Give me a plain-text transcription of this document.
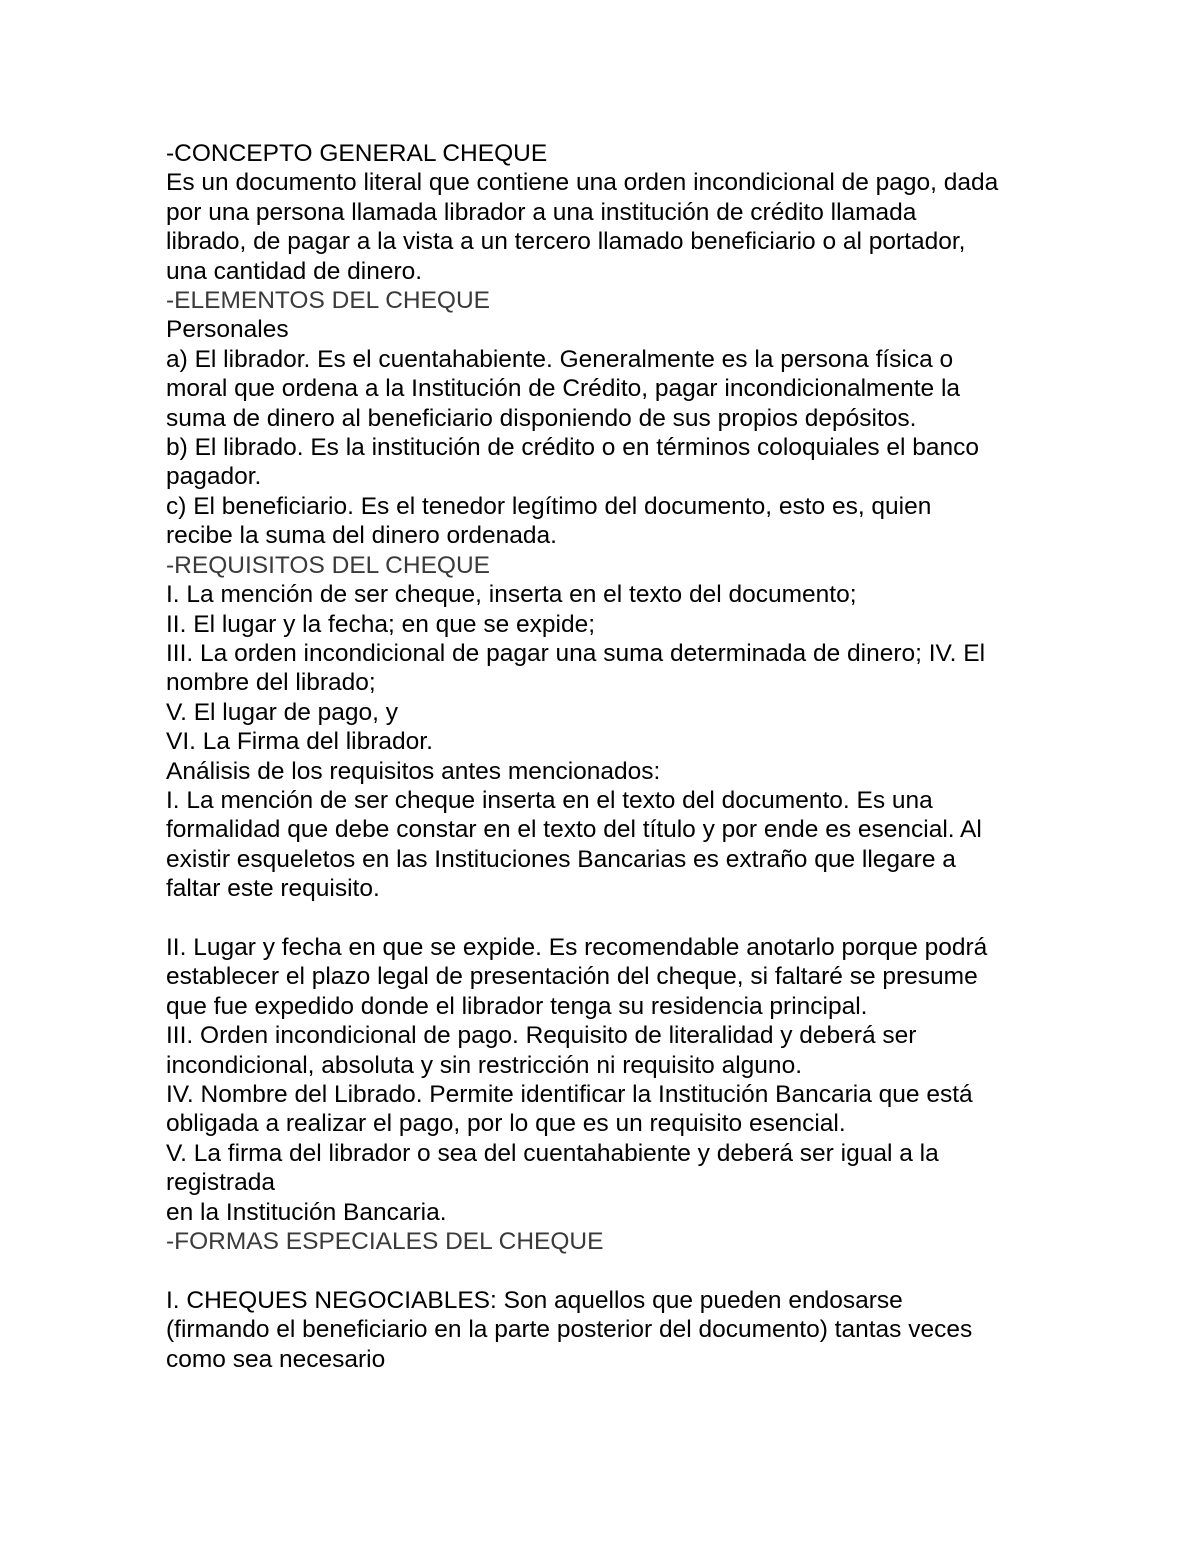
-CONCEPTO GENERAL CHEQUE
Es un documento literal que contiene una orden incondicional de pago, dada
por una persona llamada librador a una institución de crédito llamada
librado, de pagar a la vista a un tercero llamado beneficiario o al portador,
una cantidad de dinero.
-ELEMENTOS DEL CHEQUE
Personales
a) El librador. Es el cuentahabiente. Generalmente es la persona física o
moral que ordena a la Institución de Crédito, pagar incondicionalmente la
suma de dinero al beneficiario disponiendo de sus propios depósitos.
b) El librado. Es la institución de crédito o en términos coloquiales el banco
pagador.
c) El beneficiario. Es el tenedor legítimo del documento, esto es, quien
recibe la suma del dinero ordenada.
-REQUISITOS DEL CHEQUE
I. La mención de ser cheque, inserta en el texto del documento;
II. El lugar y la fecha; en que se expide;
III. La orden incondicional de pagar una suma determinada de dinero; IV. El
nombre del librado;
V. El lugar de pago, y
VI. La Firma del librador.
Análisis de los requisitos antes mencionados:
I. La mención de ser cheque inserta en el texto del documento. Es una
formalidad que debe constar en el texto del título y por ende es esencial. Al
existir esqueletos en las Instituciones Bancarias es extraño que llegare a
faltar este requisito.
II. Lugar y fecha en que se expide. Es recomendable anotarlo porque podrá
establecer el plazo legal de presentación del cheque, si faltaré se presume
que fue expedido donde el librador tenga su residencia principal.
III. Orden incondicional de pago. Requisito de literalidad y deberá ser
incondicional, absoluta y sin restricción ni requisito alguno.
IV. Nombre del Librado. Permite identificar la Institución Bancaria que está
obligada a realizar el pago, por lo que es un requisito esencial.
V. La firma del librador o sea del cuentahabiente y deberá ser igual a la
registrada
en la Institución Bancaria.
-FORMAS ESPECIALES DEL CHEQUE
I. CHEQUES NEGOCIABLES: Son aquellos que pueden endosarse
(firmando el beneficiario en la parte posterior del documento) tantas veces
como sea necesario
